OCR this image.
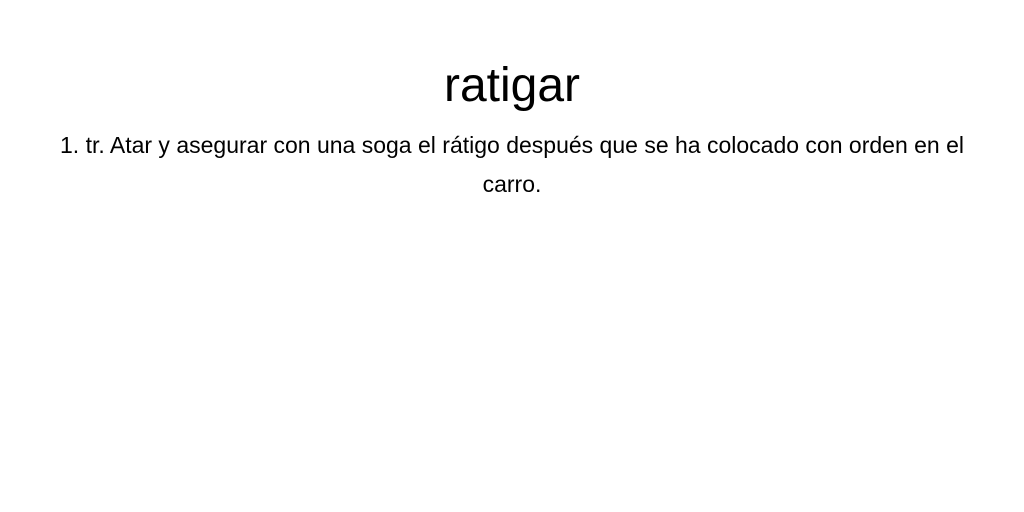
ratigar

1. tr. Atar y asegurar con una soga el rátigo después que se ha colocado con orden en el carro.
